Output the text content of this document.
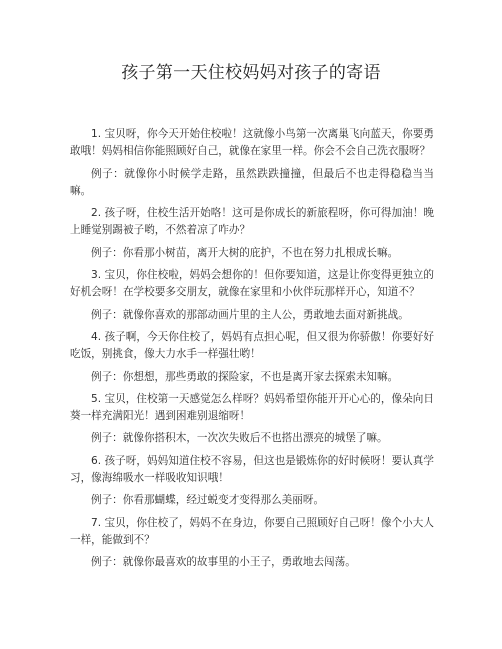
孩子第一天住校妈妈对孩子的寄语

1. 宝贝呀，你今天开始住校啦！这就像小鸟第一次离巢飞向蓝天，你要勇敢哦！妈妈相信你能照顾好自己，就像在家里一样。你会不会自己洗衣服呀？

例子：就像你小时候学走路，虽然跌跌撞撞，但最后不也走得稳稳当当嘛。

2. 孩子呀，住校生活开始咯！这可是你成长的新旅程呀，你可得加油！晚上睡觉别踢被子哟，不然着凉了咋办？

例子：你看那小树苗，离开大树的庇护，不也在努力扎根成长嘛。

3. 宝贝，你住校啦，妈妈会想你的！但你要知道，这是让你变得更独立的好机会呀！在学校要多交朋友，就像在家里和小伙伴玩那样开心，知道不？

例子：就像你喜欢的那部动画片里的主人公，勇敢地去面对新挑战。

4. 孩子啊，今天你住校了，妈妈有点担心呢，但又很为你骄傲！你要好好吃饭，别挑食，像大力水手一样强壮哟！

例子：你想想，那些勇敢的探险家，不也是离开家去探索未知嘛。

5. 宝贝，住校第一天感觉怎么样呀？妈妈希望你能开开心心的，像朵向日葵一样充满阳光！遇到困难别退缩呀！

例子：就像你搭积木，一次次失败后不也搭出漂亮的城堡了嘛。

6. 孩子呀，妈妈知道住校不容易，但这也是锻炼你的好时候呀！要认真学习，像海绵吸水一样吸收知识哦！

例子：你看那蝴蝶，经过蜕变才变得那么美丽呀。

7. 宝贝，你住校了，妈妈不在身边，你要自己照顾好自己呀！像个小大人一样，能做到不？

例子：就像你最喜欢的故事里的小王子，勇敢地去闯荡。
